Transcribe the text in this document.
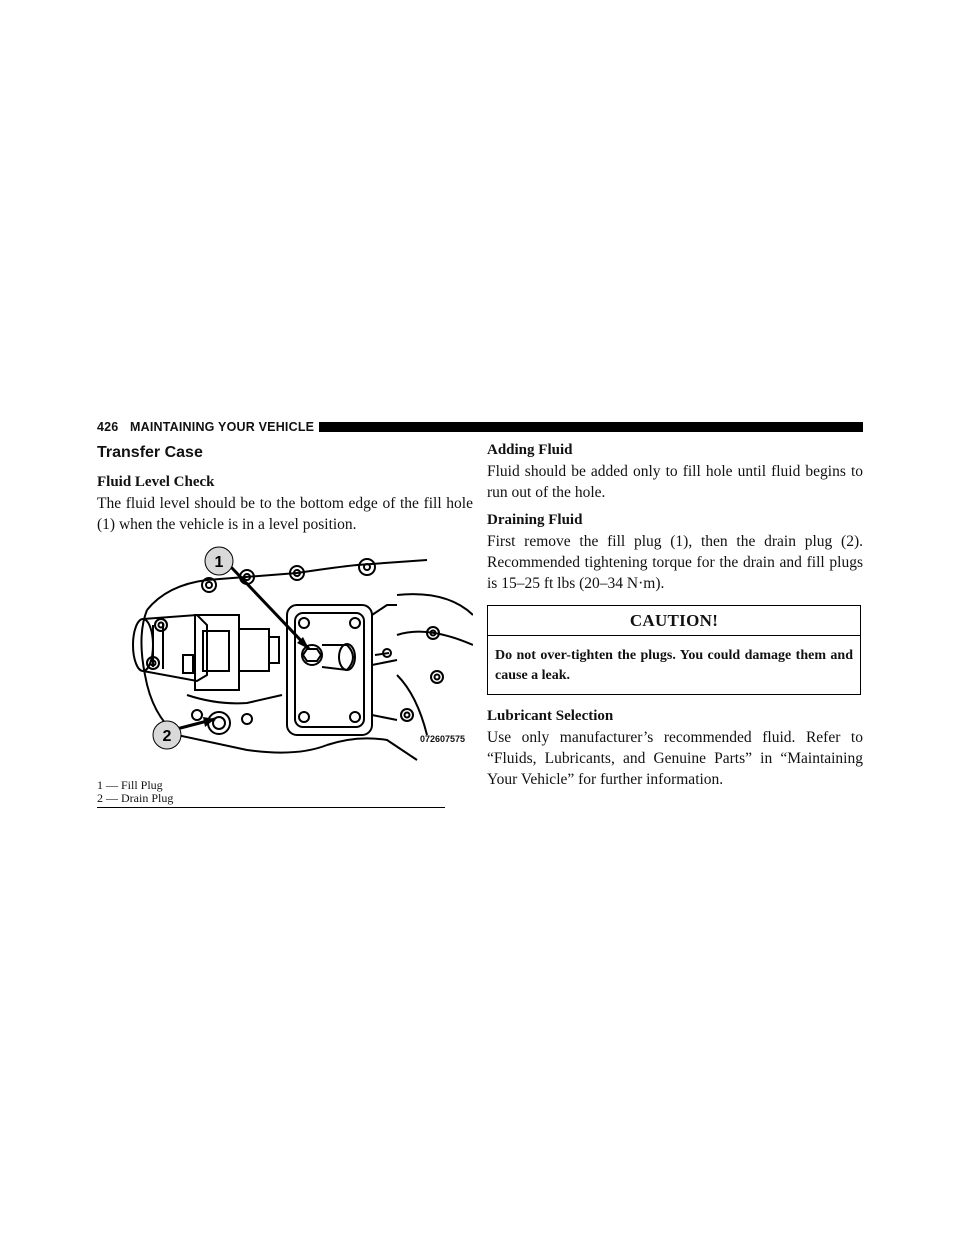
426 MAINTAINING YOUR VEHICLE
Transfer Case
Fluid Level Check

The fluid level should be to the bottom edge of the fill hole (1) when the vehicle is in a level position.

1
2	072607575
1 — Fill Plug
2 — Drain Plug
Adding Fluid

Fluid should be added only to fill hole until fluid begins to run out of the hole.

Draining Fluid

First remove the fill plug (1), then the drain plug (2). Recommended tightening torque for the drain and fill plugs is 15–25 ft lbs (20–34 N·m).

CAUTION!
Do not over-tighten the plugs. You could damage them and cause a leak.
Lubricant Selection

Use only manufacturer’s recommended fluid. Refer to “Fluids, Lubricants, and Genuine Parts” in “Maintaining Your Vehicle” for further information.
